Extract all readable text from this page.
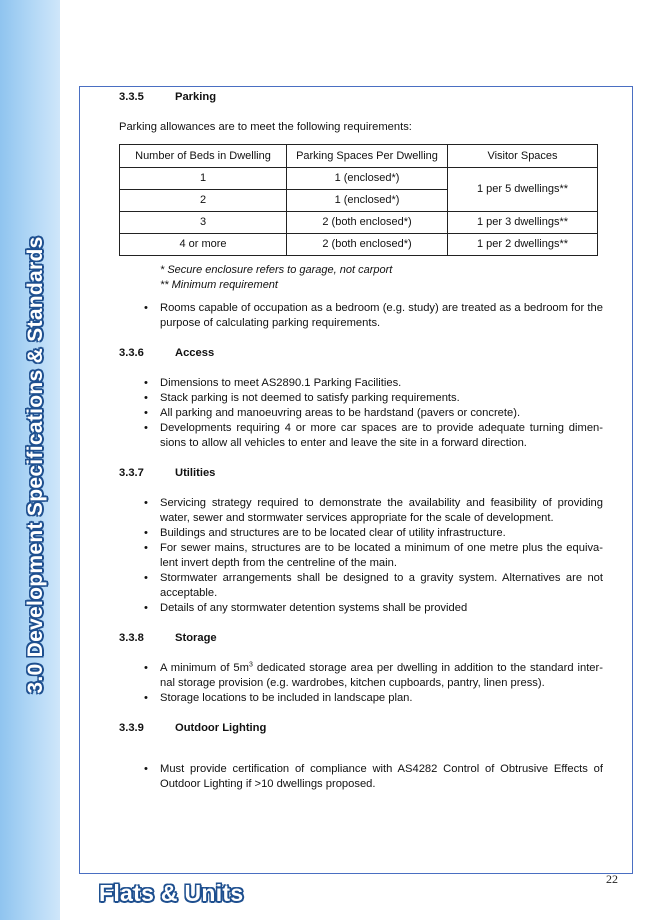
3.0 Development Specifications & Standards
3.3.5	Parking

Parking allowances are to meet the following requirements:

Number of Beds in Dwelling	Parking Spaces Per Dwelling	Visitor Spaces
1	1 (enclosed*)	1 per 5 dwellings**
2	1 (enclosed*)	
3	2 (both enclosed*)	1 per 3 dwellings**
4 or more	2 (both enclosed*)	1 per 2 dwellings**
* Secure enclosure refers to garage, not carport
** Minimum requirement
• Rooms capable of occupation as a bedroom (e.g. study) are treated as a bedroom for the purpose of calculating parking requirements.
3.3.6	Access
• Dimensions to meet AS2890.1 Parking Facilities.
• Stack parking is not deemed to satisfy parking requirements.
• All parking and manoeuvring areas to be hardstand (pavers or concrete).
• Developments requiring 4 or more car spaces are to provide adequate turning dimen- sions to allow all vehicles to enter and leave the site in a forward direction.
3.3.7	Utilities
• Servicing strategy required to demonstrate the availability and feasibility of providing water, sewer and stormwater services appropriate for the scale of development.
• Buildings and structures are to be located clear of utility infrastructure.
• For sewer mains, structures are to be located a minimum of one metre plus the equiva- lent invert depth from the centreline of the main.
• Stormwater arrangements shall be designed to a gravity system. Alternatives are not acceptable.
• Details of any stormwater detention systems shall be provided
3.3.8	Storage
• A minimum of $5m^3$ dedicated storage area per dwelling in addition to the standard inter- nal storage provision (e.g. wardrobes, kitchen cupboards, pantry, linen press).
• Storage locations to be included in landscape plan.
3.3.9	Outdoor Lighting
• Must provide certification of compliance with AS4282 Control of Obtrusive Effects of Outdoor Lighting if >10 dwellings proposed.
Flats & Units
22
